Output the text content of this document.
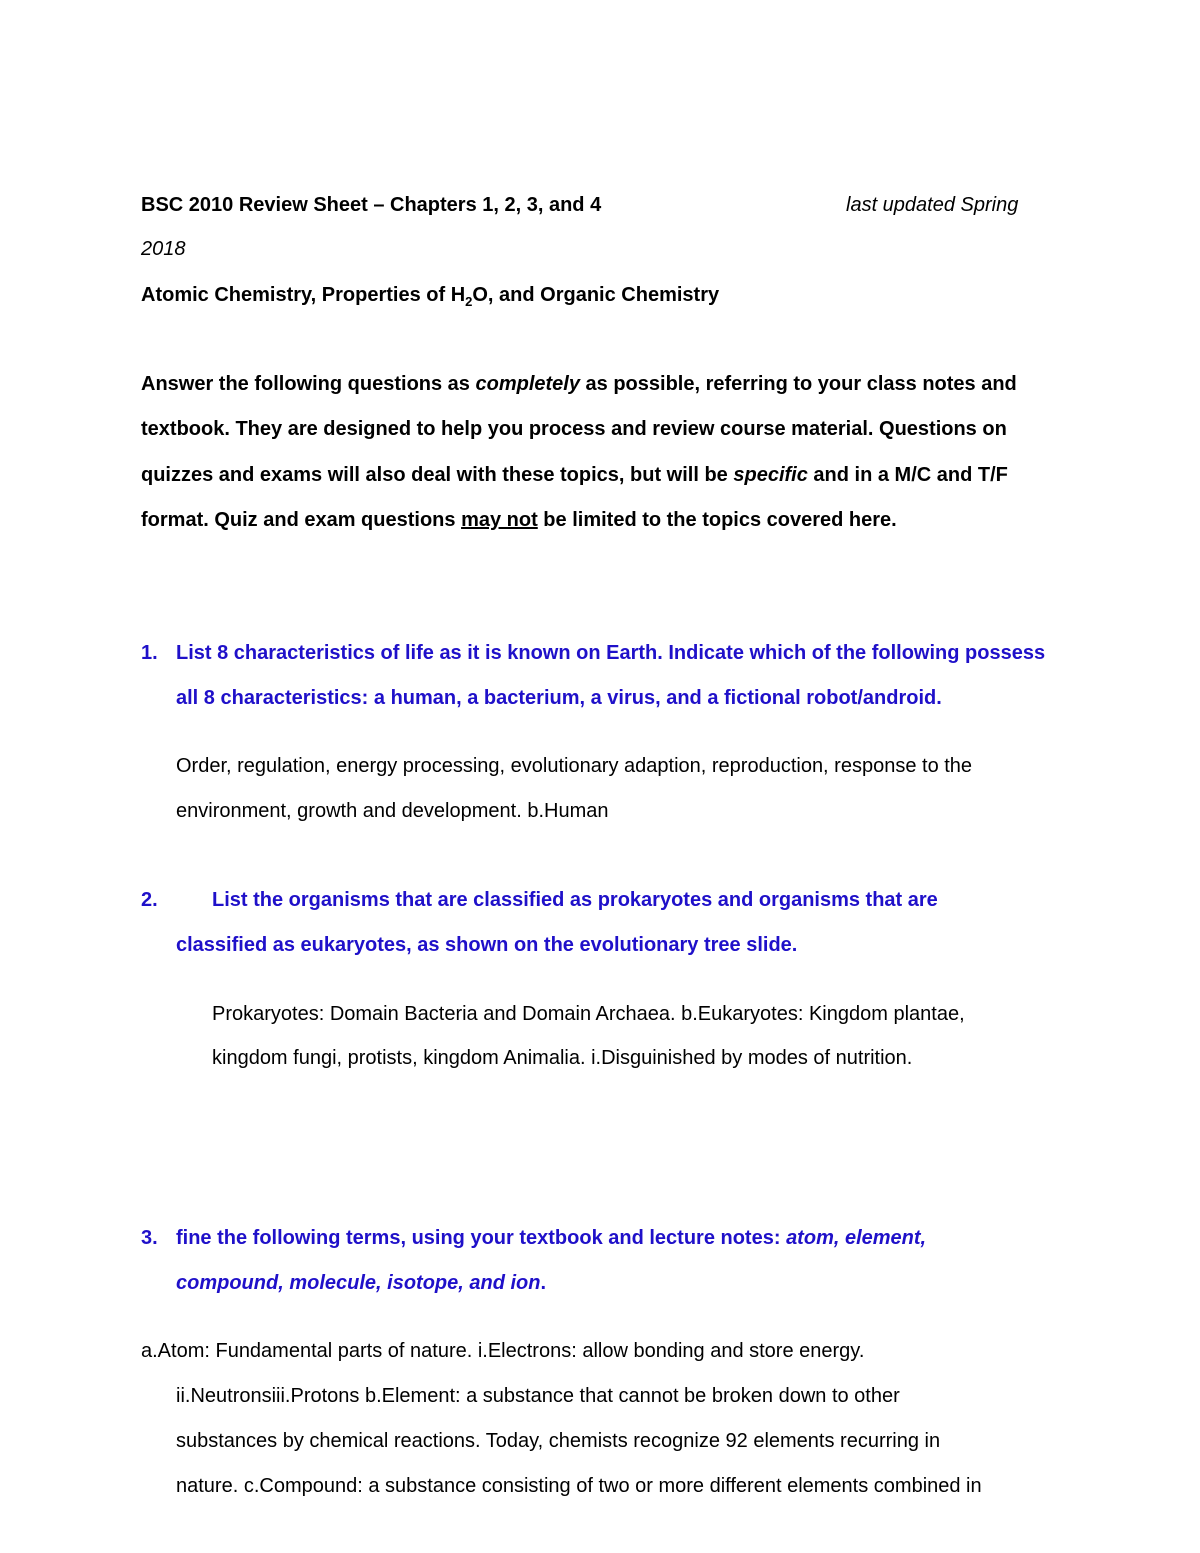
BSC 2010 Review Sheet – Chapters 1, 2, 3, and 4	last updated Spring
2018
Atomic Chemistry, Properties of $H_2O$, and Organic Chemistry
Answer the following questions as completely as possible, referring to your class notes and
textbook. They are designed to help you process and review course material. Questions on
quizzes and exams will also deal with these topics, but will be specific and in a M/C and T/F
format. Quiz and exam questions may not be limited to the topics covered here.
1. List 8 characteristics of life as it is known on Earth. Indicate which of the following possess
all 8 characteristics: a human, a bacterium, a virus, and a fictional robot/android.
Order, regulation, energy processing, evolutionary adaption, reproduction, response to the
environment, growth and development. b.Human
2.	List the organisms that are classified as prokaryotes and organisms that are
classified as eukaryotes, as shown on the evolutionary tree slide.
Prokaryotes: Domain Bacteria and Domain Archaea. b.Eukaryotes: Kingdom plantae,
kingdom fungi, protists, kingdom Animalia. i.Disguinished by modes of nutrition.
3. fine the following terms, using your textbook and lecture notes: atom, element,
compound, molecule, isotope, and ion.
a.Atom: Fundamental parts of nature. i.Electrons: allow bonding and store energy.
ii.Neutronsiii.Protons b.Element: a substance that cannot be broken down to other
substances by chemical reactions. Today, chemists recognize 92 elements recurring in
nature. c.Compound: a substance consisting of two or more different elements combined in
